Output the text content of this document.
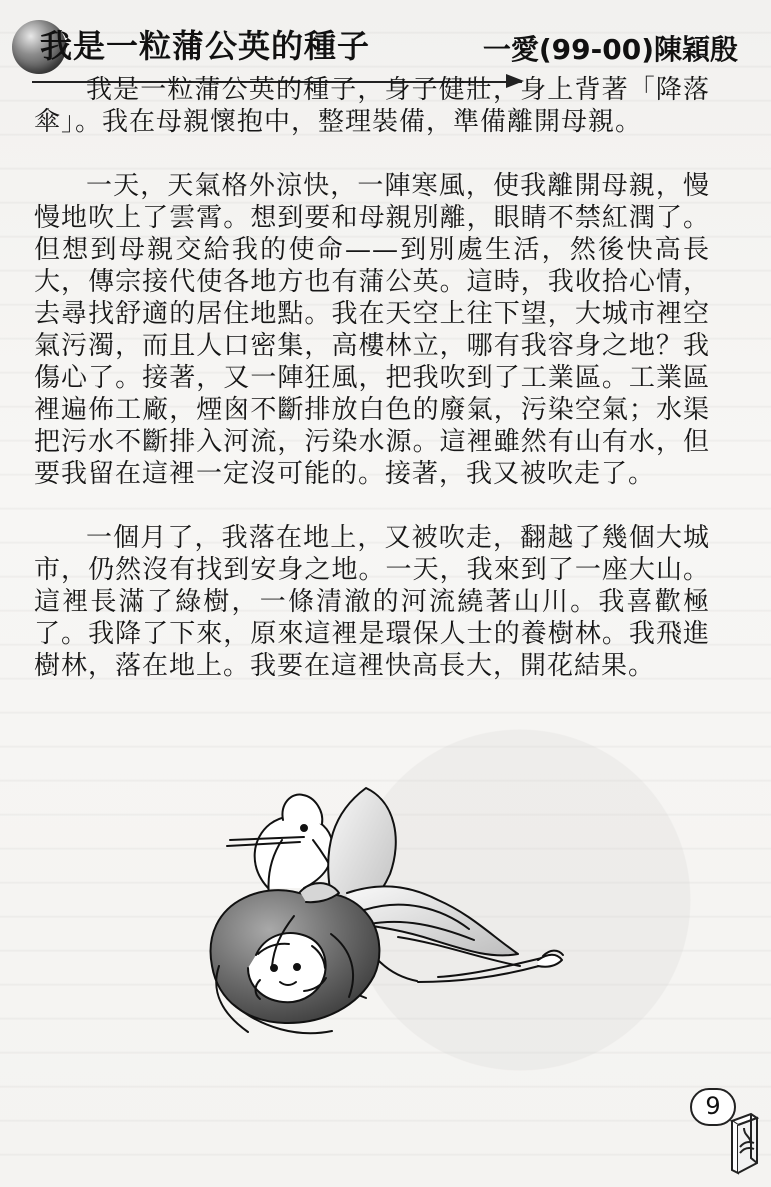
我是一粒蒲公英的種子	一愛(99-00)陳穎殷

我是一粒蒲公英的種子，身子健壯，身上背著「降落傘」。我在母親懷抱中，整理裝備，準備離開母親。

一天，天氣格外涼快，一陣寒風，使我離開母親，慢慢地吹上了雲霄。想到要和母親別離，眼睛不禁紅潤了。但想到母親交給我的使命——到別處生活，然後快高長大，傳宗接代使各地方也有蒲公英。這時，我收拾心情，去尋找舒適的居住地點。我在天空上往下望，大城市裡空氣污濁，而且人口密集，高樓林立，哪有我容身之地？我傷心了。接著，又一陣狂風，把我吹到了工業區。工業區裡遍佈工廠，煙囪不斷排放白色的廢氣，污染空氣；水渠把污水不斷排入河流，污染水源。這裡雖然有山有水，但要我留在這裡一定沒可能的。接著，我又被吹走了。

一個月了，我落在地上，又被吹走，翻越了幾個大城市，仍然沒有找到安身之地。一天，我來到了一座大山。這裡長滿了綠樹，一條清澈的河流繞著山川。我喜歡極了。我降了下來，原來這裡是環保人士的養樹林。我飛進樹林，落在地上。我要在這裡快高長大，開花結果。

9
